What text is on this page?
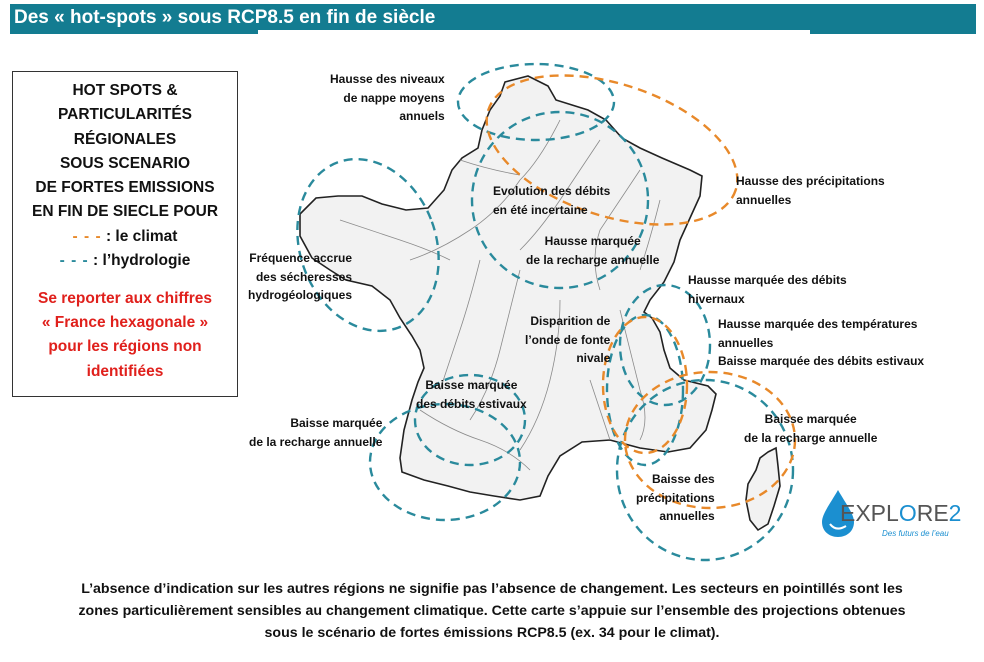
Des « hot-spots » sous RCP8.5 en fin de siècle
HOT SPOTS &
PARTICULARITÉS
RÉGIONALES
SOUS SCENARIO
DE FORTES EMISSIONS
EN FIN DE SIECLE POUR
- - - : le climat
- - - : l’hydrologie
Se reporter aux chiffres
« France hexagonale »
pour les régions non
identifiées
Hausse des niveaux
de nappe moyens
annuels
Hausse des précipitations
annuelles
Evolution des débits
en été incertaine
Hausse marquée
de la recharge annuelle
Fréquence accrue
des sécheresses
hydrogéologiques
Hausse marquée des débits
hivernaux
Hausse marquée des températures
annuelles
Baisse marquée des débits estivaux
Disparition de
l’onde de fonte
nivale
Baisse marquée
des débits estivaux
Baisse marquée
de la recharge annuelle
Baisse marquée
de la recharge annuelle
Baisse des
précipitations
annuelles	EXPLORE2
Des futurs de l’eau
L’absence d’indication sur les autres régions ne signifie pas l’absence de changement. Les secteurs en pointillés sont les
zones particulièrement sensibles au changement climatique. Cette carte s’appuie sur l’ensemble des projections obtenues
sous le scénario de fortes émissions RCP8.5 (ex. 34 pour le climat).
